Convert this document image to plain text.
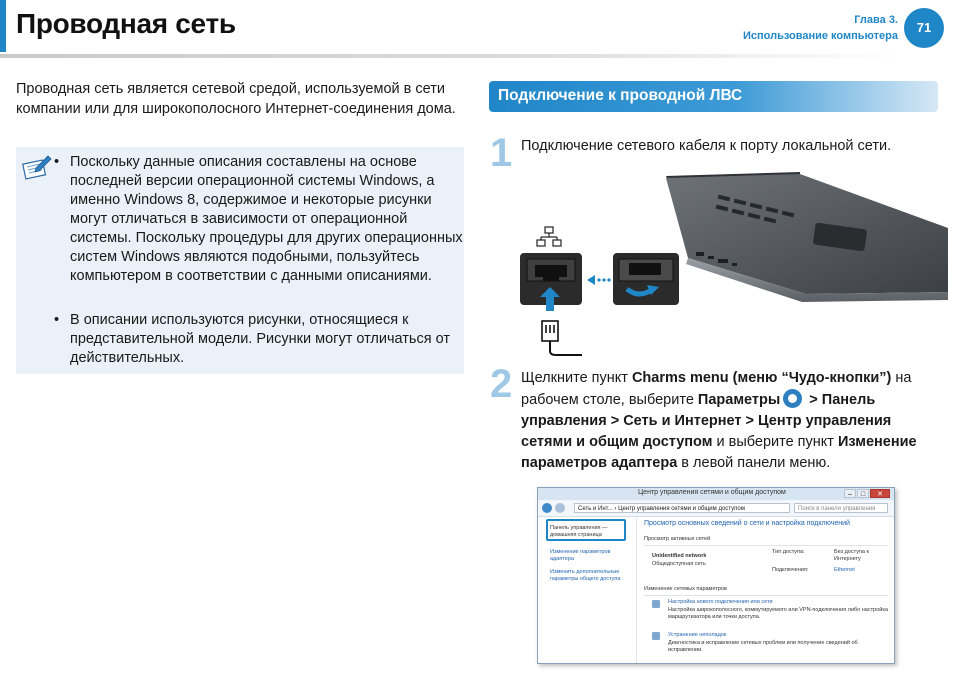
Проводная сеть	Глава 3.
Использование компьютера
71
Проводная сеть является сетевой средой, используемой в сети компании или для широкополосного Интернет-соединения дома.
• Поскольку данные описания составлены на основе последней версии операционной системы Windows, а именно Windows 8, содержимое и некоторые рисунки могут отличаться в зависимости от операционной системы. Поскольку процедуры для других операционных систем Windows являются подобными, пользуйтесь компьютером в соответствии с данными описаниями.
• В описании используются рисунки, относящиеся к представительной модели. Рисунки могут отличаться от действительных.
Подключение к проводной ЛВС
1 Подключение сетевого кабеля к порту локальной сети.
2 Щелкните пункт Charms menu (меню “Чудо-кнопки”) на рабочем столе, выберите Параметры > Панель управления > Сеть и Интернет > Центр управления сетями и общим доступом и выберите пункт Изменение параметров адаптера в левой панели меню.
Центр управления сетями и общим доступом	–	□	✕
Сеть и Инт... › Центр управления сетями и общим доступом	Поиск в панели управления
Панель управления — домашняя страница
Изменение параметров адаптера
Изменить дополнительные параметры общего доступа
Просмотр основных сведений о сети и настройка подключений
Просмотр активных сетей
Unidentified network
Общедоступная сеть
Тип доступа:	Без доступа к Интернету
Подключения:	Ethernet
Изменение сетевых параметров
Настройка нового подключения или сети
Настройка широкополосного, коммутируемого или VPN-подключения либо настройка маршрутизатора или точки доступа.
Устранение неполадок
Диагностика и исправление сетевых проблем или получение сведений об исправлении.
